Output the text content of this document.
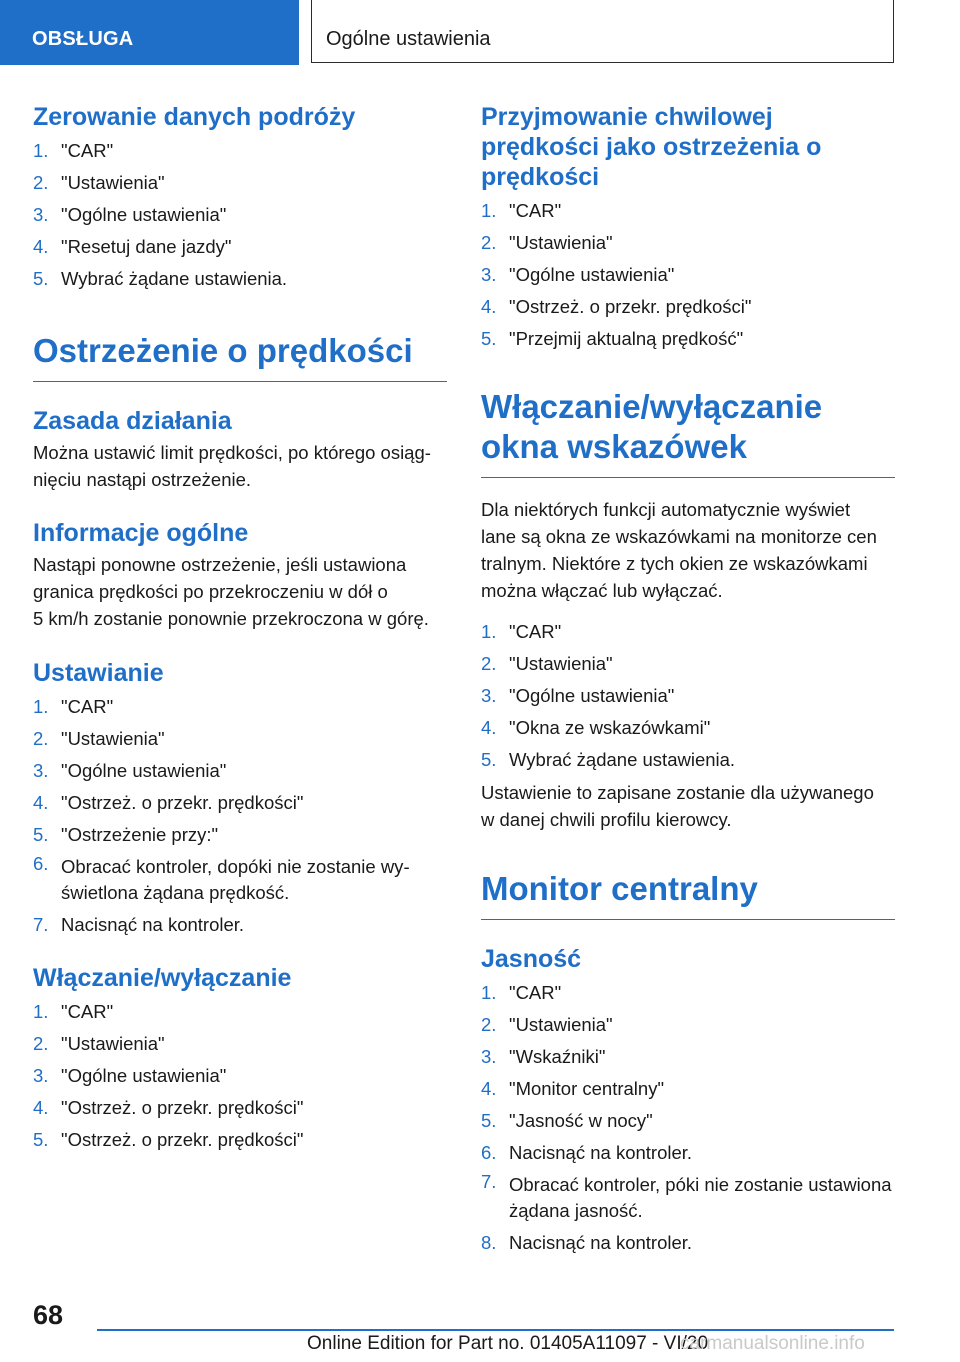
OBSŁUGA	Ogólne ustawienia
Zerowanie danych podróży
1. "CAR"
2. "Ustawienia"
3. "Ogólne ustawienia"
4. "Resetuj dane jazdy"
5. Wybrać żądane ustawienia.
Ostrzeżenie o prędkości
Zasada działania

Można ustawić limit prędkości, po którego osiągnięciu nastąpi ostrzeżenie.

Informacje ogólne

Nastąpi ponowne ostrzeżenie, jeśli ustawiona
granica prędkości po przekroczeniu w dół o
5 km/h zostanie ponownie przekroczona w górę.

Ustawianie
1. "CAR"
2. "Ustawienia"
3. "Ogólne ustawienia"
4. "Ostrzeż. o przekr. prędkości"
5. "Ostrzeżenie przy:"
6. Obracać kontroler, dopóki nie zostanie wyświetlona żądana prędkość.
7. Nacisnąć na kontroler.
Włączanie/wyłączanie
1. "CAR"
2. "Ustawienia"
3. "Ogólne ustawienia"
4. "Ostrzeż. o przekr. prędkości"
5. "Ostrzeż. o przekr. prędkości"
Przyjmowanie chwilowej prędkości jako ostrzeżenia o prędkości
1. "CAR"
2. "Ustawienia"
3. "Ogólne ustawienia"
4. "Ostrzeż. o przekr. prędkości"
5. "Przejmij aktualną prędkość"
Włączanie/wyłączanie okna wskazówek

Dla niektórych funkcji automatycznie wyświet
lane są okna ze wskazówkami na monitorze cen
tralnym. Niektóre z tych okien ze wskazówkami
można włączać lub wyłączać.

1. "CAR"
2. "Ustawienia"
3. "Ogólne ustawienia"
4. "Okna ze wskazówkami"
5. Wybrać żądane ustawienia.

Ustawienie to zapisane zostanie dla używanego
w danej chwili profilu kierowcy.

Monitor centralny
Jasność
1. "CAR"
2. "Ustawienia"
3. "Wskaźniki"
4. "Monitor centralny"
5. "Jasność w nocy"
6. Nacisnąć na kontroler.
7. Obracać kontroler, póki nie zostanie ustawiona żądana jasność.
8. Nacisnąć na kontroler.
68
Online Edition for Part no. 01405A11097 - VI/20
carmanualsonline.info
